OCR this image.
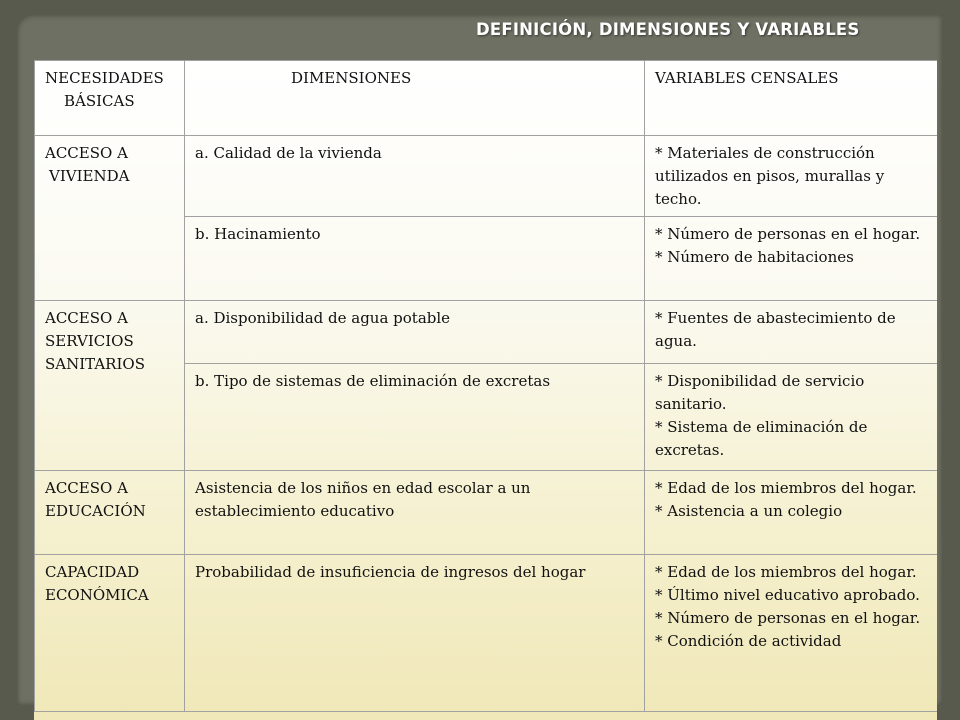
DEFINICIÓN, DIMENSIONES Y VARIABLES
NECESIDADES
BÁSICAS	DIMENSIONES	VARIABLES CENSALES

ACCESO A
VIVIENDA	a. Calidad de la vivienda	* Materiales de construcción utilizados en pisos, murallas y techo.

	b. Hacinamiento	* Número de personas en el hogar.
* Número de habitaciones

ACCESO A
SERVICIOS
SANITARIOS	a. Disponibilidad de agua potable	* Fuentes de abastecimiento de agua.

	b. Tipo de sistemas de eliminación de excretas	* Disponibilidad de servicio sanitario.
* Sistema de eliminación de excretas.

ACCESO A
EDUCACIÓN	Asistencia de los niños en edad escolar a un establecimiento educativo	* Edad de los miembros del hogar.
* Asistencia a un colegio

CAPACIDAD
ECONÓMICA	Probabilidad de insuficiencia de ingresos del hogar	* Edad de los miembros del hogar.
* Último nivel educativo aprobado.
* Número de personas en el hogar.
* Condición de actividad
